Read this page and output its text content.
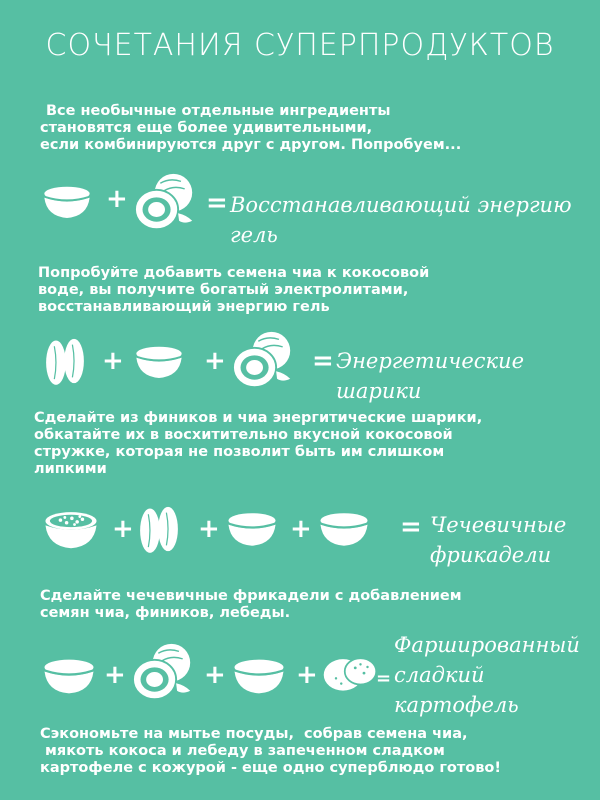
СОЧЕТАНИЯ СУПЕРПРОДУКТОВ
Все необычные отдельные ингредиенты
становятся еще более удивительными,
если комбинируются друг с другом. Попробуем...
+	= Восстанавливающий энергию
гель
Попробуйте добавить семена чиа к кокосовой
воде, вы получите богатый электролитами,
восстанавливающий энергию гель
+	+	= Энергетические
шарики
Сделайте из фиников и чиа энергитические шарики,
обкатайте их в восхитительно вкусной кокосовой
стружке, которая не позволит быть им слишком
липкими
+ +	+	= Чечевичные
фрикадели
Сделайте чечевичные фрикадели с добавлением
семян чиа, фиников, лебеды.
+	+	+	=
Фаршированный
сладкий
картофель
Сэкономьте на мытье посуды,  собрав семена чиа,
мякоть кокоса и лебеду в запеченном сладком
картофеле с кожурой - еще одно суперблюдо готово!
